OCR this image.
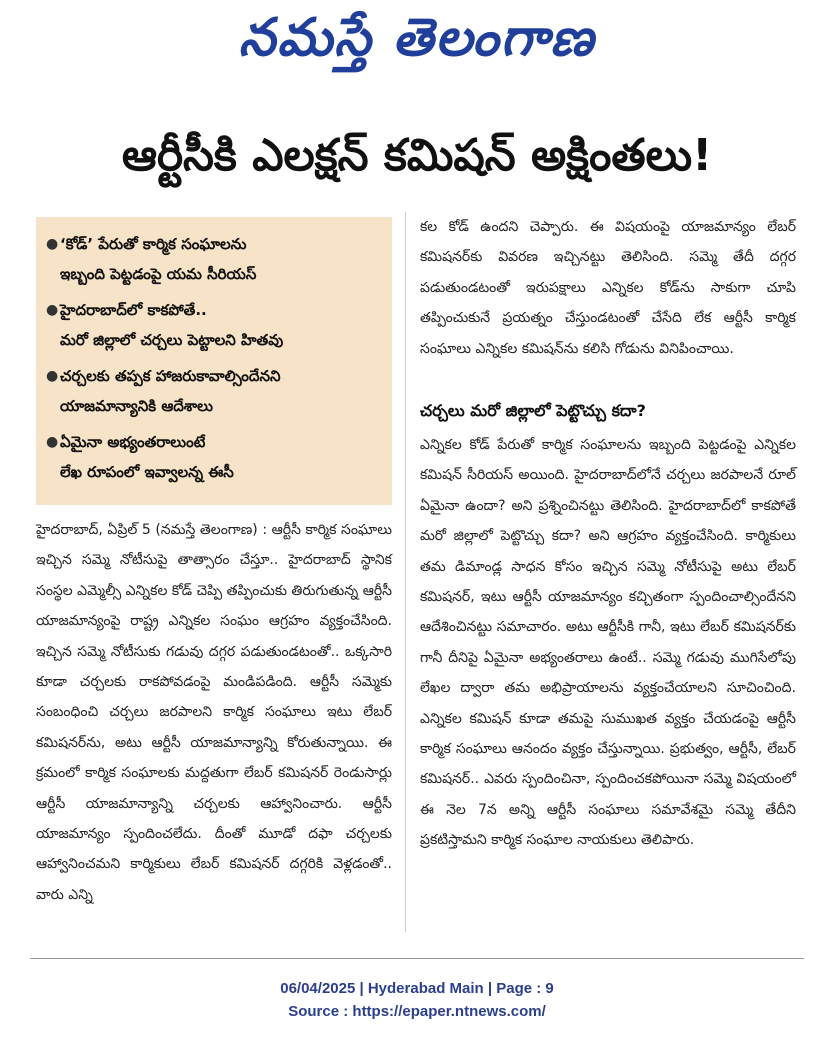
నమస్తే తెలంగాణ
ఆర్టీసీకి ఎలక్షన్ కమిషన్ అక్షింతలు!
● ‘కోడ్’ పేరుతో కార్మిక సంఘాలను
ఇబ్బంది పెట్టడంపై యమ సీరియస్
● హైదరాబాద్‌లో కాకపోతే..
మరో జిల్లాలో చర్చలు పెట్టాలని హితవు
● చర్చలకు తప్పక హాజరుకావాల్సిందేనని
యాజమాన్యానికి ఆదేశాలు
● ఏమైనా అభ్యంతరాలుంటే
లేఖ రూపంలో ఇవ్వాలన్న ఈసీ

హైదరాబాద్, ఏప్రిల్ 5 (నమస్తే తెలంగాణ) : ఆర్టీసీ కార్మిక సంఘాలు ఇచ్చిన సమ్మె నోటీసుపై తాత్సారం చేస్తూ.. హైదరాబాద్ స్థానిక సంస్థల ఎమ్మెల్సీ ఎన్నికల కోడ్ చెప్పి తప్పించుకు తిరుగుతున్న ఆర్టీసీ యాజమాన్యంపై రాష్ట్ర ఎన్నికల సంఘం ఆగ్రహం వ్యక్తంచేసింది. ఇచ్చిన సమ్మె నోటీసుకు గడువు దగ్గర పడుతుండటంతో.. ఒక్కసారి కూడా చర్చలకు రాకపోవడంపై మండిపడింది. ఆర్టీసీ సమ్మెకు సంబంధించి చర్చలు జరపాలని కార్మిక సంఘాలు ఇటు లేబర్ కమిషనర్‌ను, అటు ఆర్టీసీ యాజమాన్యాన్ని కోరుతున్నాయి. ఈ క్రమంలో కార్మిక సంఘాలకు మద్దతుగా లేబర్ కమిషనర్ రెండుసార్లు ఆర్టీసీ యాజమాన్యాన్ని చర్చలకు ఆహ్వానించారు. ఆర్టీసీ యాజమాన్యం స్పందించలేదు. దీంతో మూడో దఫా చర్చలకు ఆహ్వానించమని కార్మికులు లేబర్ కమిషనర్ దగ్గరికి వెళ్లడంతో.. వారు ఎన్ని

కల కోడ్ ఉందని చెప్పారు. ఈ విషయంపై యాజమాన్యం లేబర్ కమిషనర్‌కు వివరణ ఇచ్చినట్టు తెలిసింది. సమ్మె తేదీ దగ్గర పడుతుండటంతో ఇరుపక్షాలు ఎన్నికల కోడ్‌ను సాకుగా చూపి తప్పించుకునే ప్రయత్నం చేస్తుండటంతో చేసేది లేక ఆర్టీసీ కార్మిక సంఘాలు ఎన్నికల కమిషన్‌ను కలిసి గోడును వినిపించాయి.

చర్చలు మరో జిల్లాలో పెట్టొచ్చు కదా?

ఎన్నికల కోడ్ పేరుతో కార్మిక సంఘాలను ఇబ్బంది పెట్టడంపై ఎన్నికల కమిషన్ సీరియస్ అయింది. హైదరాబాద్‌లోనే చర్చలు జరపాలనే రూల్ ఏమైనా ఉందా? అని ప్రశ్నించినట్టు తెలిసింది. హైదరాబాద్‌లో కాకపోతే మరో జిల్లాలో పెట్టొచ్చు కదా? అని ఆగ్రహం వ్యక్తంచేసింది. కార్మికులు తమ డిమాండ్ల సాధన కోసం ఇచ్చిన సమ్మె నోటీసుపై అటు లేబర్ కమిషనర్, ఇటు ఆర్టీసీ యాజమాన్యం కచ్చితంగా స్పందించాల్సిందేనని ఆదేశించినట్టు సమాచారం. అటు ఆర్టీసీకి గానీ, ఇటు లేబర్ కమిషనర్‌కు గానీ దీనిపై ఏమైనా అభ్యంతరాలు ఉంటే.. సమ్మె గడువు ముగిసేలోపు లేఖల ద్వారా తమ అభిప్రాయాలను వ్యక్తంచేయాలని సూచించింది. ఎన్నికల కమిషన్ కూడా తమపై సుముఖత వ్యక్తం చేయడంపై ఆర్టీసీ కార్మిక సంఘాలు ఆనందం వ్యక్తం చేస్తున్నాయి. ప్రభుత్వం, ఆర్టీసీ, లేబర్ కమిషనర్.. ఎవరు స్పందించినా, స్పందించకపోయినా సమ్మె విషయంలో ఈ నెల 7న అన్ని ఆర్టీసీ సంఘాలు సమావేశమై సమ్మె తేదీని ప్రకటిస్తామని కార్మిక సంఘాల నాయకులు తెలిపారు.

06/04/2025 | Hyderabad Main | Page : 9
Source : https://epaper.ntnews.com/
